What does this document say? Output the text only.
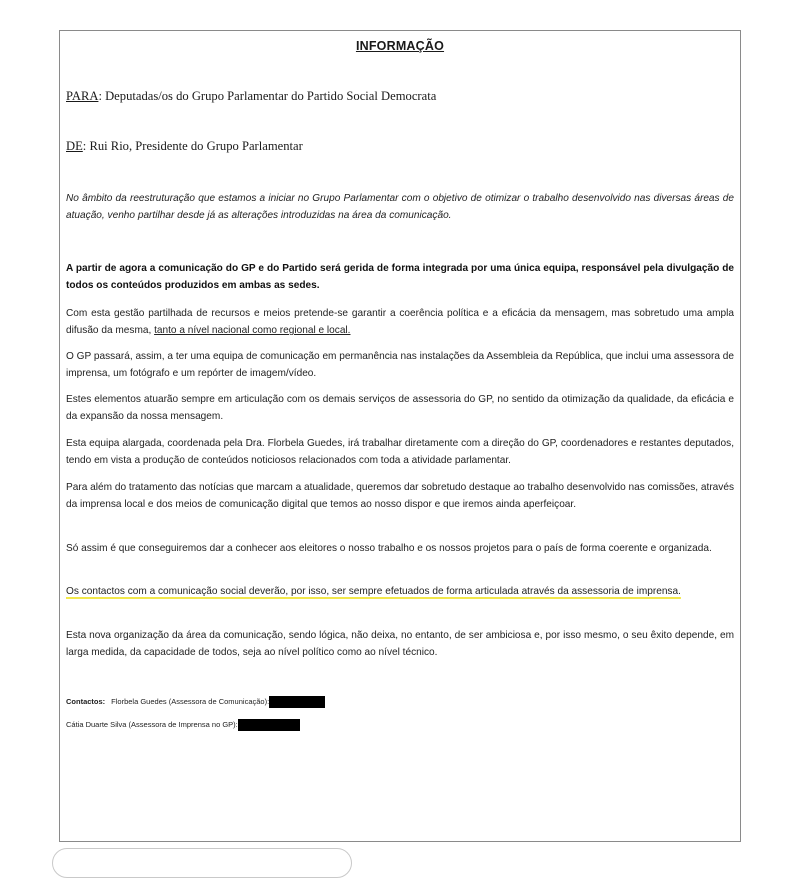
INFORMAÇÃO
PARA: Deputadas/os do Grupo Parlamentar do Partido Social Democrata
DE: Rui Rio, Presidente do Grupo Parlamentar
No âmbito da reestruturação que estamos a iniciar no Grupo Parlamentar com o objetivo de otimizar o trabalho desenvolvido nas diversas áreas de atuação, venho partilhar desde já as alterações introduzidas na área da comunicação.
A partir de agora a comunicação do GP e do Partido será gerida de forma integrada por uma única equipa, responsável pela divulgação de todos os conteúdos produzidos em ambas as sedes.
Com esta gestão partilhada de recursos e meios pretende-se garantir a coerência política e a eficácia da mensagem, mas sobretudo uma ampla difusão da mesma, tanto a nível nacional como regional e local.
O GP passará, assim, a ter uma equipa de comunicação em permanência nas instalações da Assembleia da República, que inclui uma assessora de imprensa, um fotógrafo e um repórter de imagem/vídeo.
Estes elementos atuarão sempre em articulação com os demais serviços de assessoria do GP, no sentido da otimização da qualidade, da eficácia e da expansão da nossa mensagem.
Esta equipa alargada, coordenada pela Dra. Florbela Guedes, irá trabalhar diretamente com a direção do GP, coordenadores e restantes deputados, tendo em vista a produção de conteúdos noticiosos relacionados com toda a atividade parlamentar.
Para além do tratamento das notícias que marcam a atualidade, queremos dar sobretudo destaque ao trabalho desenvolvido nas comissões, através da imprensa local e dos meios de comunicação digital que temos ao nosso dispor e que iremos ainda aperfeiçoar.
Só assim é que conseguiremos dar a conhecer aos eleitores o nosso trabalho e os nossos projetos para o país de forma coerente e organizada.
Os contactos com a comunicação social deverão, por isso, ser sempre efetuados de forma articulada através da assessoria de imprensa.
Esta nova organização da área da comunicação, sendo lógica, não deixa, no entanto, de ser ambiciosa e, por isso mesmo, o seu êxito depende, em larga medida, da capacidade de todos, seja ao nível político como ao nível técnico.
Contactos: Florbela Guedes (Assessora de Comunicação):
Cátia Duarte Silva (Assessora de Imprensa no GP):
